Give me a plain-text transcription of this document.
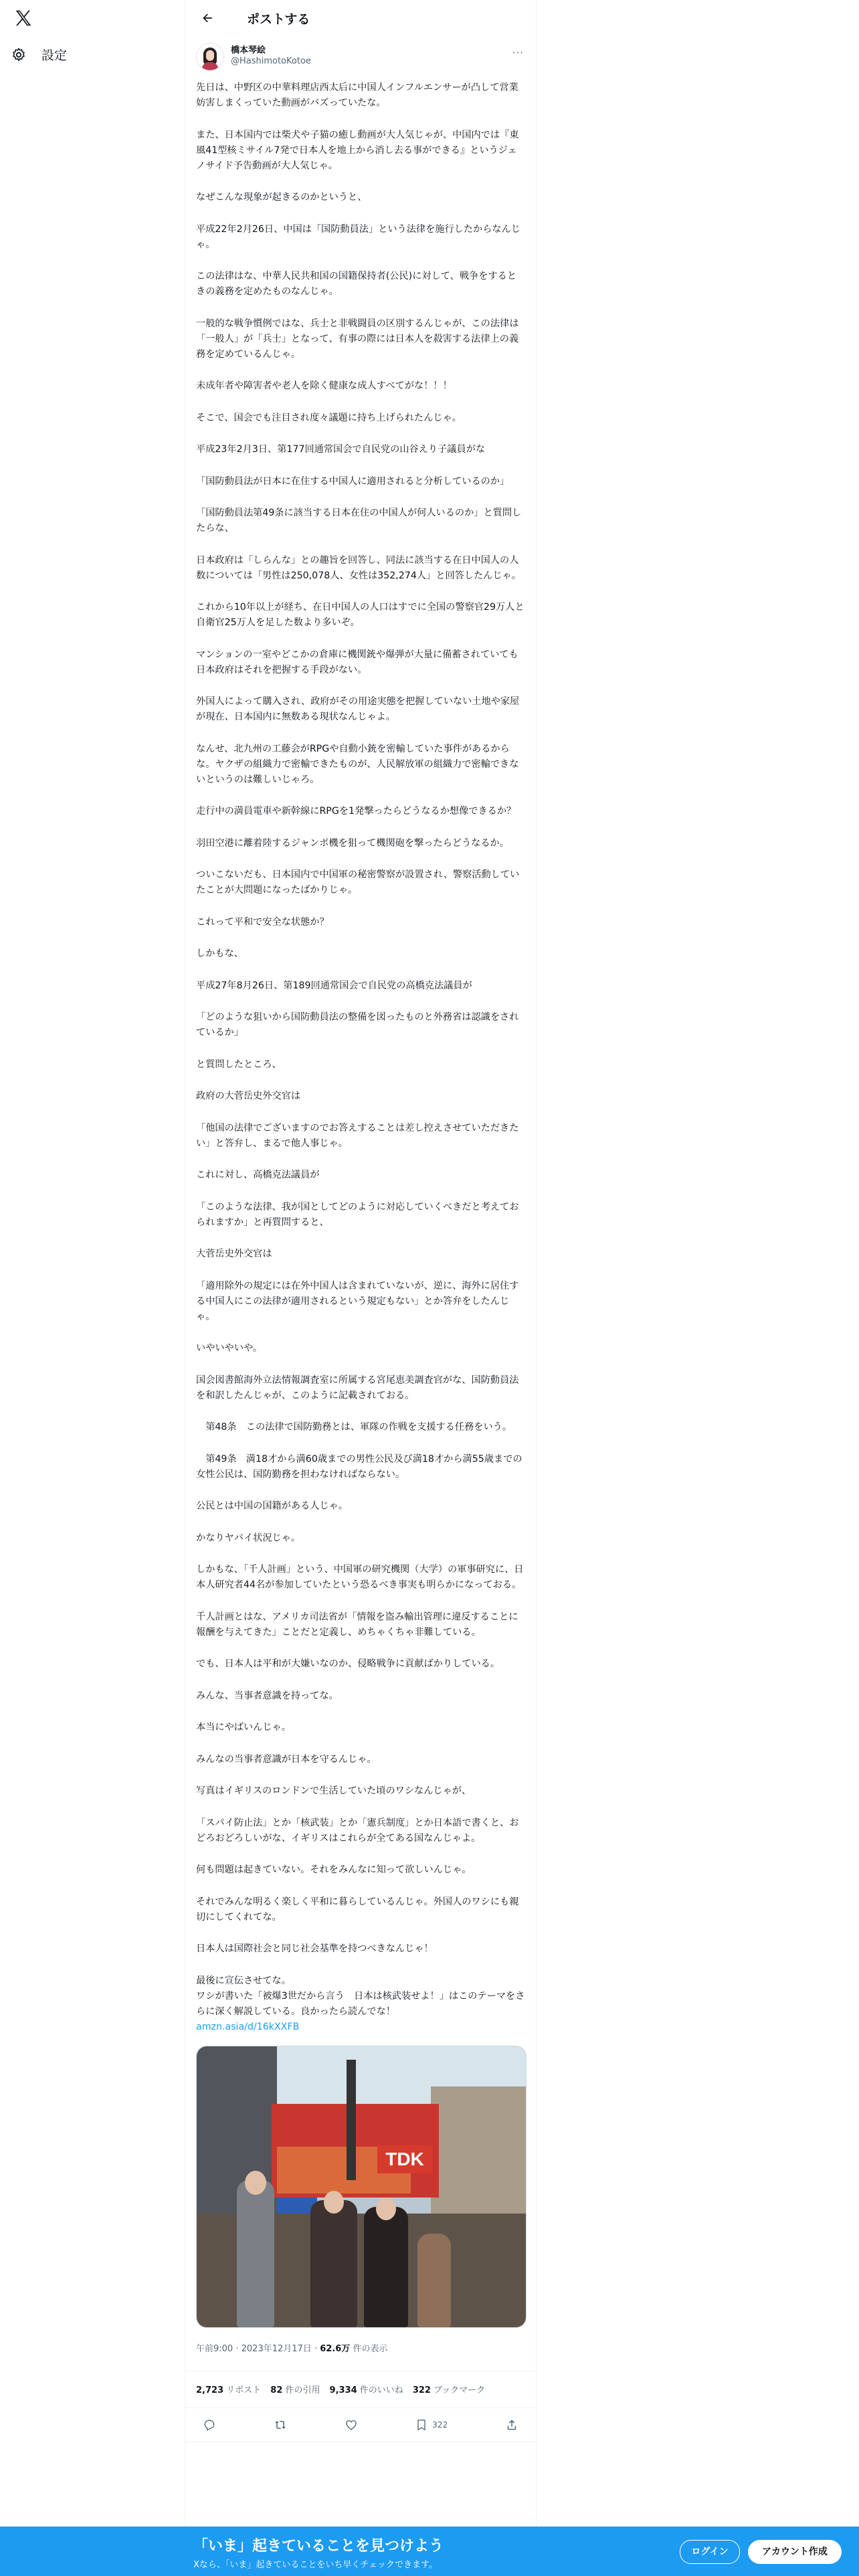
設定
ポストする
橋本琴絵
@HashimotoKotoe
···

先日は、中野区の中華料理店西太后に中国人インフルエンサーが凸して営業妨害しまくっていた動画がバズっていたな。

また、日本国内では柴犬や子猫の癒し動画が大人気じゃが、中国内では『東風41型核ミサイル7発で日本人を地上から消し去る事ができる』というジェノサイド予告動画が大人気じゃ。

なぜこんな現象が起きるのかというと、

平成22年2月26日、中国は「国防動員法」という法律を施行したからなんじゃ。

この法律はな、中華人民共和国の国籍保持者(公民)に対して、戦争をするときの義務を定めたものなんじゃ。

一般的な戦争慣例ではな、兵士と非戦闘員の区別するんじゃが、この法律は「一般人」が「兵士」となって、有事の際には日本人を殺害する法律上の義務を定めているんじゃ。

未成年者や障害者や老人を除く健康な成人すべてがな！！！

そこで、国会でも注目され度々議題に持ち上げられたんじゃ。

平成23年2月3日、第177回通常国会で自民党の山谷えり子議員がな

「国防動員法が日本に在住する中国人に適用されると分析しているのか」

「国防動員法第49条に該当する日本在住の中国人が何人いるのか」と質問したらな、

日本政府は「しらんな」との趣旨を回答し、同法に該当する在日中国人の人数については「男性は250,078人、女性は352,274人」と回答したんじゃ。

これから10年以上が経ち、在日中国人の人口はすでに全国の警察官29万人と自衛官25万人を足した数より多いぞ。

マンションの一室やどこかの倉庫に機関銃や爆弾が大量に備蓄されていても日本政府はそれを把握する手段がない。

外国人によって購入され、政府がその用途実態を把握していない土地や家屋が現在、日本国内に無数ある現状なんじゃよ。

なんせ、北九州の工藤会がRPGや自動小銃を密輸していた事件があるからな。ヤクザの組織力で密輸できたものが、人民解放軍の組織力で密輸できないというのは難しいじゃろ。

走行中の満員電車や新幹線にRPGを1発撃ったらどうなるか想像できるか？

羽田空港に離着陸するジャンボ機を狙って機関砲を撃ったらどうなるか。

ついこないだも、日本国内で中国軍の秘密警察が設置され、警察活動していたことが大問題になったばかりじゃ。

これって平和で安全な状態か？

しかもな、

平成27年8月26日、第189回通常国会で自民党の高橋克法議員が

「どのような狙いから国防動員法の整備を図ったものと外務省は認識をされているか」

と質問したところ、

政府の大菅岳史外交官は

「他国の法律でございますのでお答えすることは差し控えさせていただきたい」と答弁し、まるで他人事じゃ。

これに対し、高橋克法議員が

「このような法律、我が国としてどのように対応していくべきだと考えておられますか」と再質問すると、

大菅岳史外交官は

「適用除外の規定には在外中国人は含まれていないが、逆に、海外に居住する中国人にこの法律が適用されるという規定もない」とか答弁をしたんじゃ。

いやいやいや。

国会図書館海外立法情報調査室に所属する宮尾恵美調査官がな、国防動員法を和訳したんじゃが、このように記載されておる。

　第48条　この法律で国防勤務とは、軍隊の作戦を支援する任務をいう。

　第49条　満18才から満60歳までの男性公民及び満18才から満55歳までの女性公民は、国防勤務を担わなければならない。

公民とは中国の国籍がある人じゃ。

かなりヤバイ状況じゃ。

しかもな、「千人計画」という、中国軍の研究機関（大学）の軍事研究に、日本人研究者44名が参加していたという恐るべき事実も明らかになっておる。

千人計画とはな、アメリカ司法省が「情報を盗み輸出管理に違反することに報酬を与えてきた」ことだと定義し、めちゃくちゃ非難している。

でも、日本人は平和が大嫌いなのか、侵略戦争に貢献ばかりしている。

みんな、当事者意識を持ってな。

本当にやばいんじゃ。

みんなの当事者意識が日本を守るんじゃ。

写真はイギリスのロンドンで生活していた頃のワシなんじゃが、

「スパイ防止法」とか「核武装」とか「憲兵制度」とか日本語で書くと、おどろおどろしいがな、イギリスはこれらが全てある国なんじゃよ。

何も問題は起きていない。それをみんなに知って欲しいんじゃ。

それでみんな明るく楽しく平和に暮らしているんじゃ。外国人のワシにも親切にしてくれてな。

日本人は国際社会と同じ社会基準を持つべきなんじゃ！

最後に宣伝させてな。

ワシが書いた「被爆3世だから言う　日本は核武装せよ！」はこのテーマをさらに深く解説している。良かったら読んでな！

amzn.asia/d/16kXXFB
TDK
午前9:00 · 2023年12月17日 · 62.6万 件の表示
2,723 リポスト 82 件の引用 9,334 件のいいね 322 ブックマーク
322
「いま」起きていることを見つけよう
Xなら、「いま」起きていることをいち早くチェックできます。
ログイン	アカウント作成
